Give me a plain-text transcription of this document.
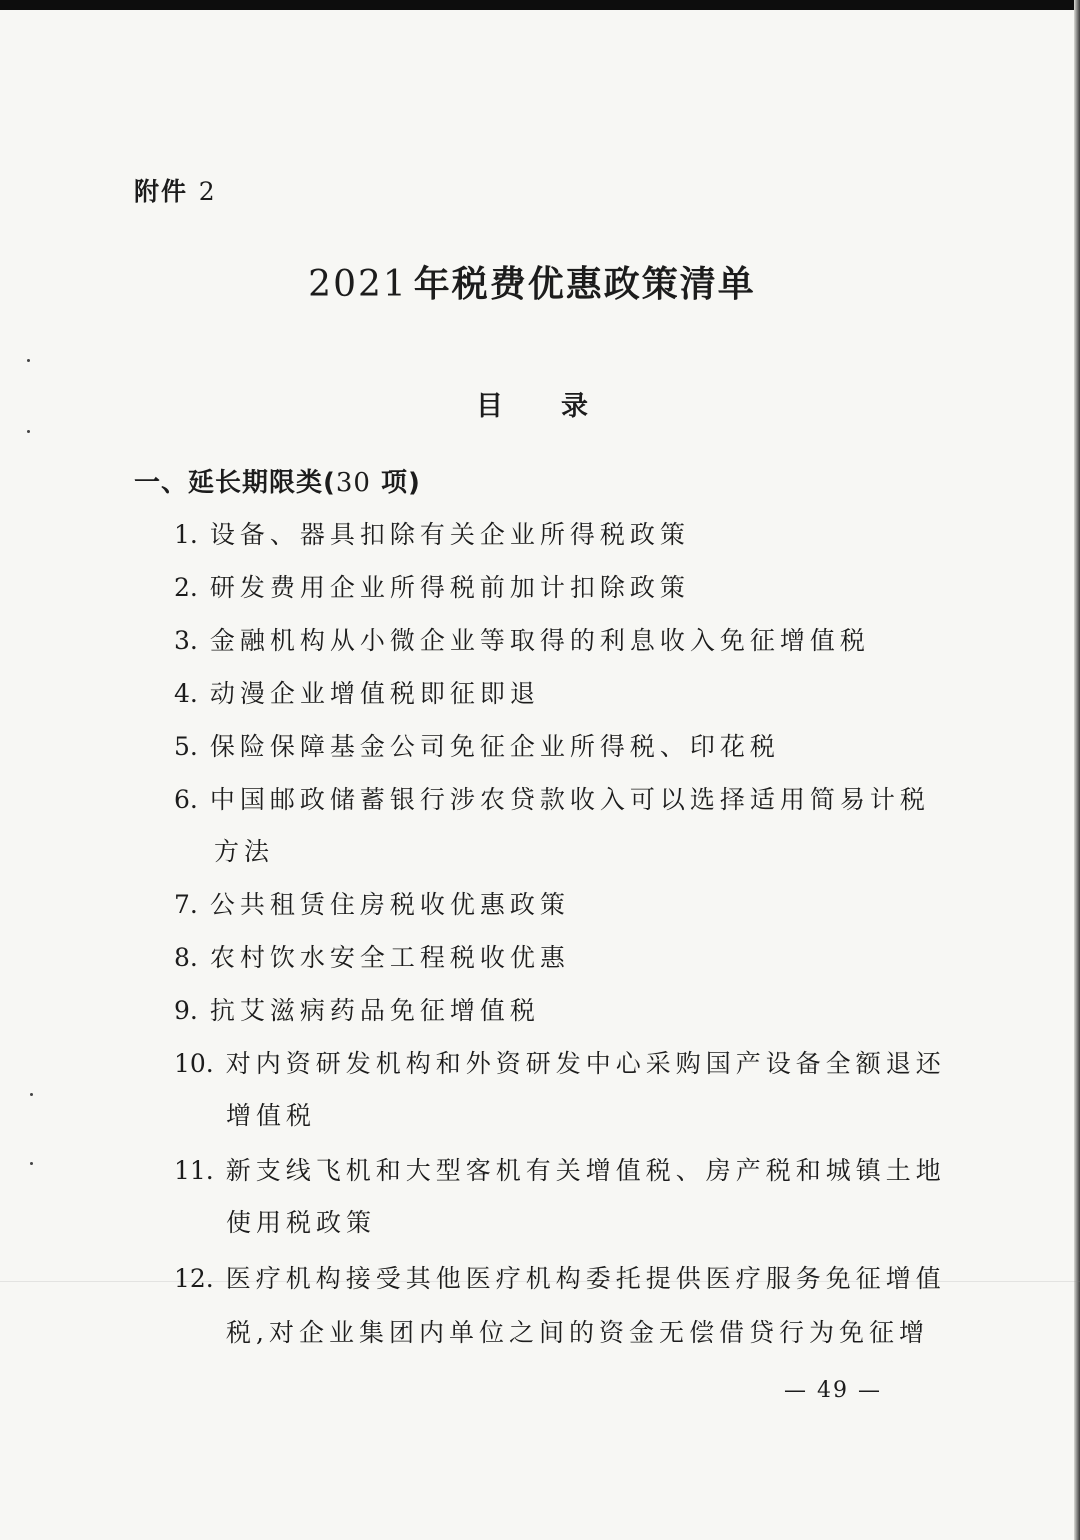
附件 2
2021 年税费优惠政策清单
目录
一、延长期限类(30 项)
1. 设备、器具扣除有关企业所得税政策
2. 研发费用企业所得税前加计扣除政策
3. 金融机构从小微企业等取得的利息收入免征增值税
4. 动漫企业增值税即征即退
5. 保险保障基金公司免征企业所得税、印花税
6. 中国邮政储蓄银行涉农贷款收入可以选择适用简易计税
方法
7. 公共租赁住房税收优惠政策
8. 农村饮水安全工程税收优惠
9. 抗艾滋病药品免征增值税
10. 对内资研发机构和外资研发中心采购国产设备全额退还
增值税
11. 新支线飞机和大型客机有关增值税、房产税和城镇土地
使用税政策
12. 医疗机构接受其他医疗机构委托提供医疗服务免征增值
税,对企业集团内单位之间的资金无偿借贷行为免征增
— 49 —
